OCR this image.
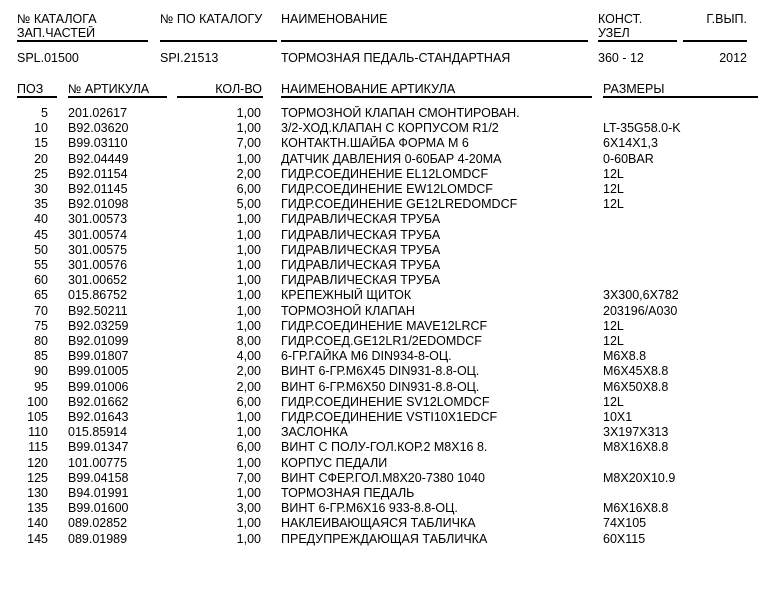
	№ КАТАЛОГА		№ ПО КАТАЛОГУ		НАИМЕНОВАНИЕ		КОНСТ.		Г.ВЫП.	
	ЗАП.ЧАСТЕЙ						УЗЕЛ			

	SPL.01500		SPI.21513		ТОРМОЗНАЯ ПЕДАЛЬ-СТАНДАРТНАЯ		360 - 12		2012	
	ПОЗ		№ АРТИКУЛА		КОЛ-ВО		НАИМЕНОВАНИЕ АРТИКУЛА		РАЗМЕРЫ	

	5		201.02617		1,00		ТОРМОЗНОЙ КЛАПАН СМОНТИРОВАН.			
	10		B92.03620		1,00		3/2-ХОД.КЛАПАН С КОРПУСОМ R1/2		LT-35G58.0-K	
	15		B99.03110		7,00		КОНТАКТН.ШАЙБА ФОРМА M 6		6X14X1,3	
	20		B92.04449		1,00		ДАТЧИК ДАВЛЕНИЯ 0-60БАР 4-20MA		0-60BAR	
	25		B92.01154		2,00		ГИДР.СОЕДИНЕНИЕ EL12LOMDCF		12L	
	30		B92.01145		6,00		ГИДР.СОЕДИНЕНИЕ EW12LOMDCF		12L	
	35		B92.01098		5,00		ГИДР.СОЕДИНЕНИЕ GE12LREDOMDCF		12L	
	40		301.00573		1,00		ГИДРАВЛИЧЕСКАЯ ТРУБА			
	45		301.00574		1,00		ГИДРАВЛИЧЕСКАЯ ТРУБА			
	50		301.00575		1,00		ГИДРАВЛИЧЕСКАЯ ТРУБА			
	55		301.00576		1,00		ГИДРАВЛИЧЕСКАЯ ТРУБА			
	60		301.00652		1,00		ГИДРАВЛИЧЕСКАЯ ТРУБА			
	65		015.86752		1,00		КРЕПЕЖНЫЙ ЩИТОК		3X300,6X782	
	70		B92.50211		1,00		ТОРМОЗНОЙ КЛАПАН		203196/A030	
	75		B92.03259		1,00		ГИДР.СОЕДИНЕНИЕ MAVE12LRCF		12L	
	80		B92.01099		8,00		ГИДР.СОЕД.GE12LR1/2EDOMDCF		12L	
	85		B99.01807		4,00		6-ГР.ГАЙКА M6 DIN934-8-ОЦ.		M6X8.8	
	90		B99.01005		2,00		ВИНТ 6-ГР.M6X45 DIN931-8.8-ОЦ.		M6X45X8.8	
	95		B99.01006		2,00		ВИНТ 6-ГР.M6X50 DIN931-8.8-ОЦ.		M6X50X8.8	
	100		B92.01662		6,00		ГИДР.СОЕДИНЕНИЕ SV12LOMDCF		12L	
	105		B92.01643		1,00		ГИДР.СОЕДИНЕНИЕ VSTI10X1EDCF		10X1	
	110		015.85914		1,00		ЗАСЛОНКА		3X197X313	
	115		B99.01347		6,00		ВИНТ С ПОЛУ-ГОЛ.КОР.2 M8X16 8.		M8X16X8.8	
	120		101.00775		1,00		КОРПУС ПЕДАЛИ			
	125		B99.04158		7,00		ВИНТ СФЕР.ГОЛ.M8X20-7380 1040		M8X20X10.9	
	130		B94.01991		1,00		ТОРМОЗНАЯ ПЕДАЛЬ			
	135		B99.01600		3,00		ВИНТ 6-ГР.M6X16 933-8.8-ОЦ.		M6X16X8.8	
	140		089.02852		1,00		НАКЛЕИВАЮЩАЯСЯ ТАБЛИЧКА		74X105	
	145		089.01989		1,00		ПРЕДУПРЕЖДАЮЩАЯ ТАБЛИЧКА		60X115	
